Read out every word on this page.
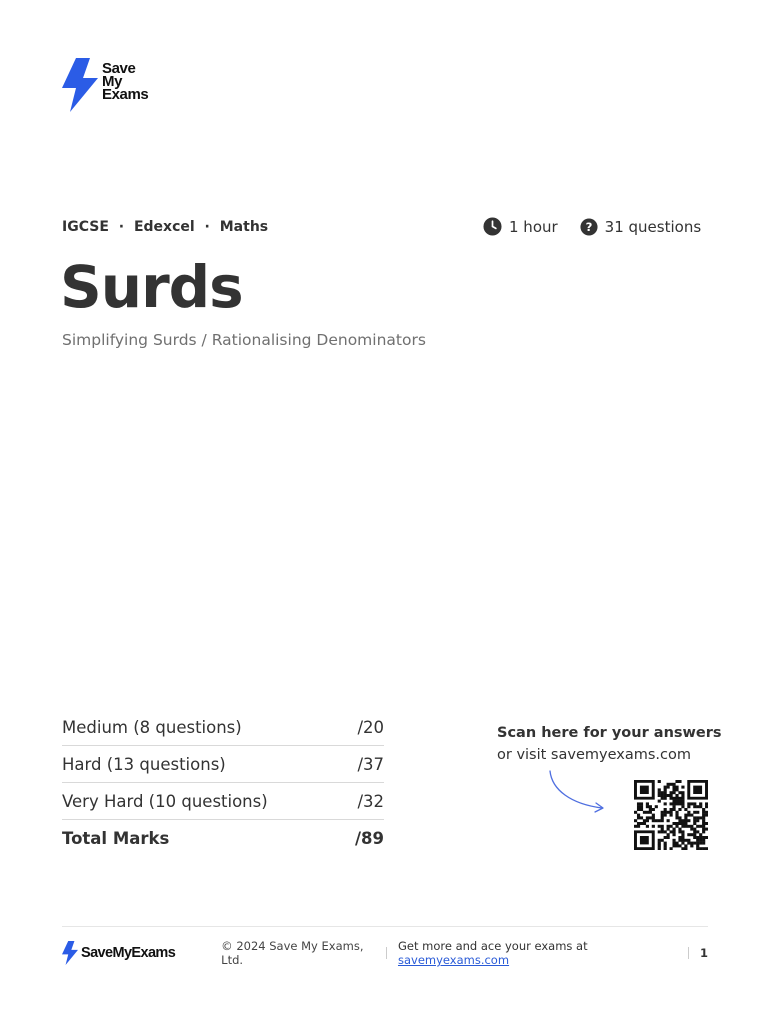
Save
My
Exams
IGCSE · Edexcel · Maths	1 hour ? 31 questions
Surds
Simplifying Surds / Rationalising Denominators
Medium (8 questions)	/20
Hard (13 questions)	/37
Very Hard (10 questions)	/32
Total Marks	/89
Scan here for your answers
or visit savemyexams.com
SaveMyExams	© 2024 Save My Exams, Ltd.
Get more and ace your exams at savemyexams.com	1
